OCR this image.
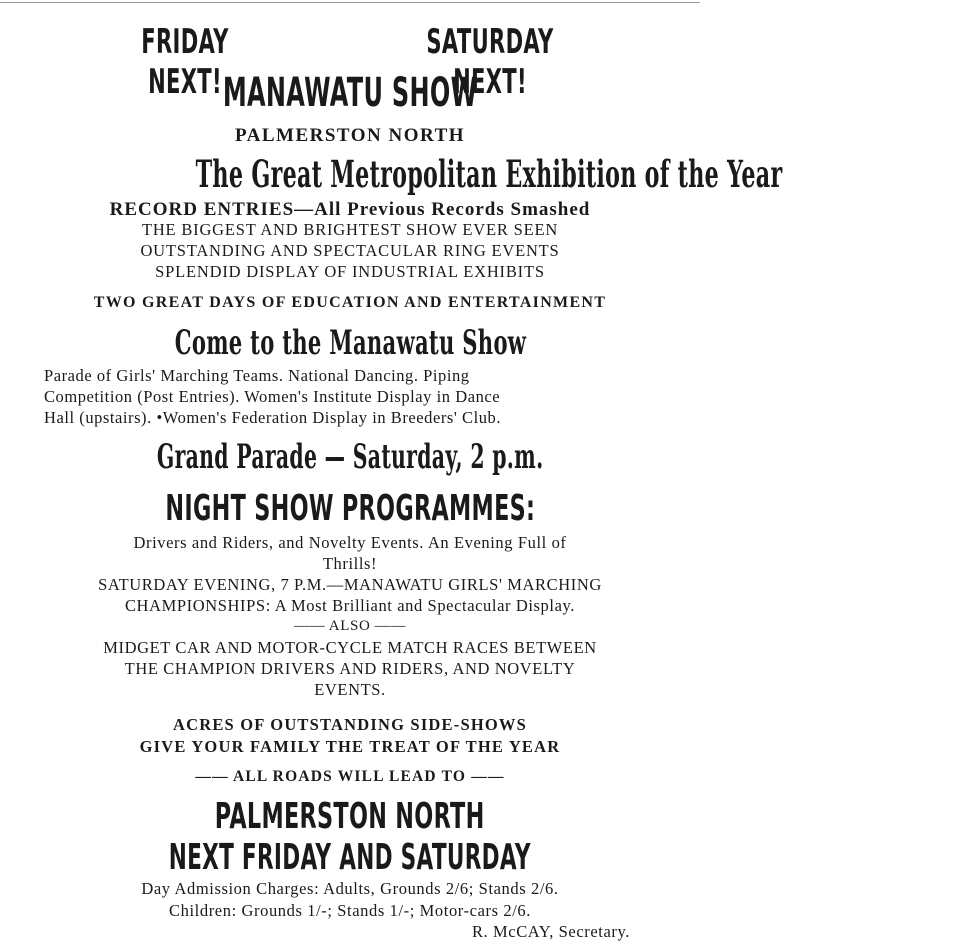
FRIDAY NEXT!
SATURDAY NEXT!
MANAWATU SHOW
PALMERSTON NORTH
The Great Metropolitan Exhibition of the Year
RECORD ENTRIES—All Previous Records Smashed
THE BIGGEST AND BRIGHTEST SHOW EVER SEEN
OUTSTANDING AND SPECTACULAR RING EVENTS
SPLENDID DISPLAY OF INDUSTRIAL EXHIBITS
TWO GREAT DAYS OF EDUCATION AND ENTERTAINMENT
Come to the Manawatu Show
Parade of Girls' Marching Teams. National Dancing. Piping
Competition (Post Entries). Women's Institute Display in Dance
Hall (upstairs). •Women's Federation Display in Breeders' Club.
Grand Parade — Saturday, 2 p.m.
NIGHT SHOW PROGRAMMES:
Drivers and Riders, and Novelty Events. An Evening Full of
Thrills!
SATURDAY EVENING, 7 P.M.—MANAWATU GIRLS' MARCHING
CHAMPIONSHIPS: A Most Brilliant and Spectacular Display.
—— ALSO ——
MIDGET CAR AND MOTOR-CYCLE MATCH RACES BETWEEN
THE CHAMPION DRIVERS AND RIDERS, AND NOVELTY
EVENTS.
ACRES OF OUTSTANDING SIDE-SHOWS
GIVE YOUR FAMILY THE TREAT OF THE YEAR
—— ALL ROADS WILL LEAD TO ——
PALMERSTON NORTH
NEXT FRIDAY AND SATURDAY
Day Admission Charges: Adults, Grounds 2/6; Stands 2/6.
Children: Grounds 1/-; Stands 1/-; Motor-cars 2/6.
R. McCAY, Secretary.
